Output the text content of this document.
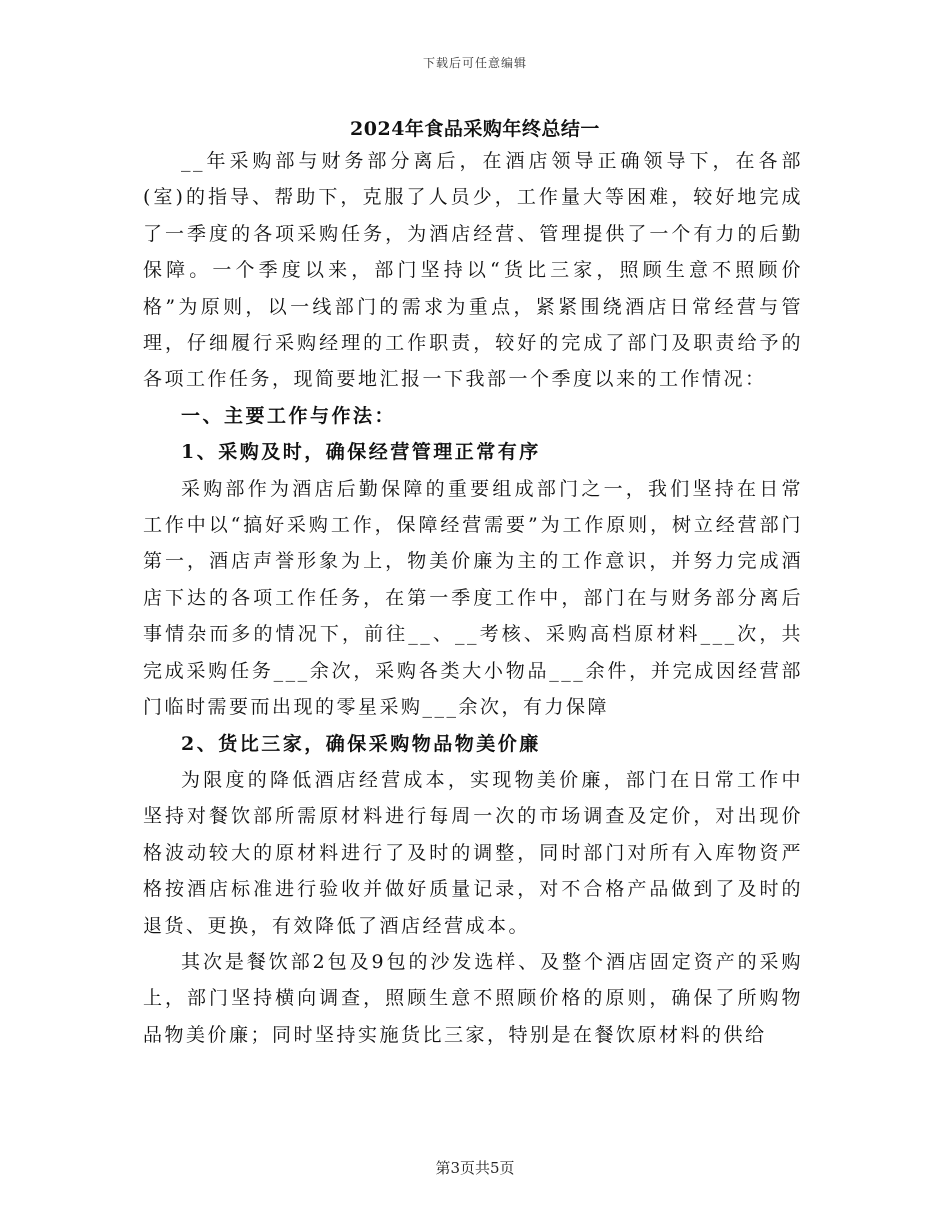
下载后可任意编辑
2024年食品采购年终总结一

__年采购部与财务部分离后，在酒店领导正确领导下，在各部(室)的指导、帮助下，克服了人员少，工作量大等困难，较好地完成了一季度的各项采购任务，为酒店经营、管理提供了一个有力的后勤保障。一个季度以来，部门坚持以“货比三家，照顾生意不照顾价格”为原则，以一线部门的需求为重点，紧紧围绕酒店日常经营与管理，仔细履行采购经理的工作职责，较好的完成了部门及职责给予的各项工作任务，现简要地汇报一下我部一个季度以来的工作情况：

一、主要工作与作法：

1、采购及时，确保经营管理正常有序

采购部作为酒店后勤保障的重要组成部门之一，我们坚持在日常工作中以“搞好采购工作，保障经营需要”为工作原则，树立经营部门第一，酒店声誉形象为上，物美价廉为主的工作意识，并努力完成酒店下达的各项工作任务，在第一季度工作中，部门在与财务部分离后事情杂而多的情况下，前往__、__考核、采购高档原材料___次，共完成采购任务___余次，采购各类大小物品___余件，并完成因经营部门临时需要而出现的零星采购___余次，有力保障

2、货比三家，确保采购物品物美价廉

为限度的降低酒店经营成本，实现物美价廉，部门在日常工作中坚持对餐饮部所需原材料进行每周一次的市场调查及定价，对出现价格波动较大的原材料进行了及时的调整，同时部门对所有入库物资严格按酒店标准进行验收并做好质量记录，对不合格产品做到了及时的退货、更换，有效降低了酒店经营成本。

其次是餐饮部2包及9包的沙发选样、及整个酒店固定资产的采购上，部门坚持横向调查，照顾生意不照顾价格的原则，确保了所购物品物美价廉；同时坚持实施货比三家，特别是在餐饮原材料的供给

第3页共5页
